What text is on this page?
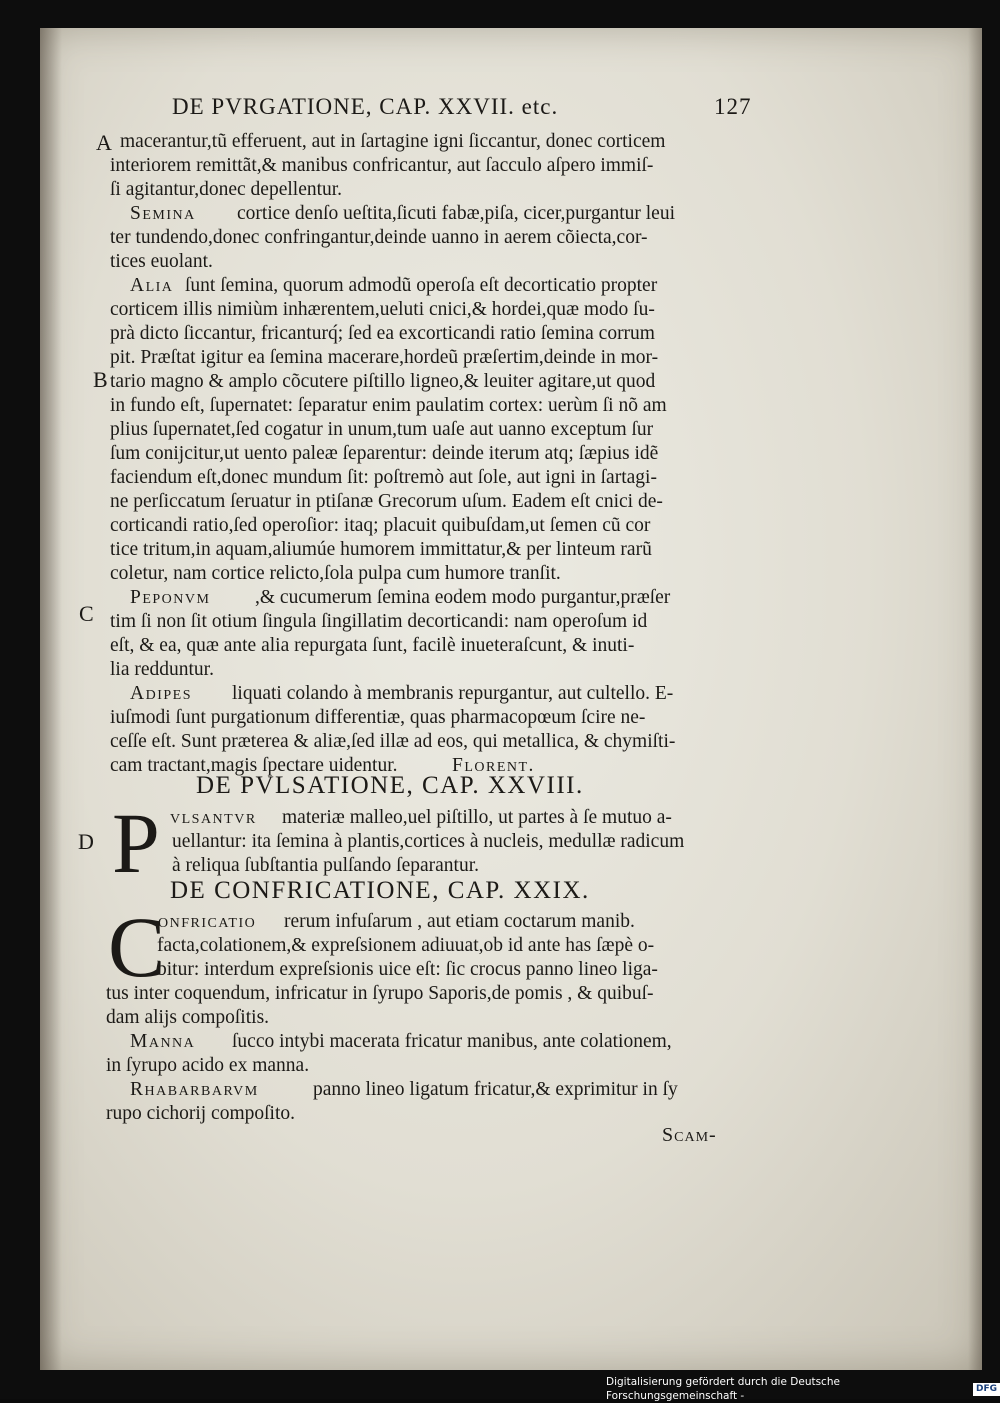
DE PVRGATIONE, CAP. XXVII. etc.	127
A
B
C
D
macerantur,tũ efferuent, aut in ſartagine igni ſiccantur, donec corticem
interiorem remittãt,& manibus confricantur, aut ſacculo aſpero immiſ-
ſi agitantur,donec depellentur.
Semina cortice denſo ueſtita,ſicuti fabæ,piſa, cicer,purgantur leui
ter tundendo,donec confringantur,deinde uanno in aerem cõiecta,cor-
tices euolant.
Alia ſunt ſemina, quorum admodũ operoſa eſt decorticatio propter
corticem illis nimiùm inhærentem,ueluti cnici,& hordei,quæ modo ſu-
prà dicto ſiccantur, fricanturq́; ſed ea excorticandi ratio ſemina corrum
pit. Præſtat igitur ea ſemina macerare,hordeũ præſertim,deinde in mor-
tario magno & amplo cõcutere piſtillo ligneo,& leuiter agitare,ut quod
in fundo eſt, ſupernatet: ſeparatur enim paulatim cortex: uerùm ſi nõ am
plius ſupernatet,ſed cogatur in unum,tum uaſe aut uanno exceptum ſur
ſum conijcitur,ut uento paleæ ſeparentur: deinde iterum atq; ſæpius idẽ
faciendum eſt,donec mundum ſit: poſtremò aut ſole, aut igni in ſartagi-
ne perſiccatum ſeruatur in ptiſanæ Grecorum uſum. Eadem eſt cnici de-
corticandi ratio,ſed operoſior: itaq; placuit quibuſdam,ut ſemen cũ cor
tice tritum,in aquam,aliumúe humorem immittatur,& per linteum rarũ
coletur, nam cortice relicto,ſola pulpa cum humore tranſit.
Peponvm ,& cucumerum ſemina eodem modo purgantur,præſer
tim ſi non ſit otium ſingula ſingillatim decorticandi: nam operoſum id
eſt, & ea, quæ ante alia repurgata ſunt, facilè inueteraſcunt, & inuti-
lia redduntur.
Adipes liquati colando à membranis repurgantur, aut cultello. E-
iuſmodi ſunt purgationum differentiæ, quas pharmacopœum ſcire ne-
ceſſe eſt. Sunt præterea & aliæ,ſed illæ ad eos, qui metallica, & chymiſti-
cam tractant,magis ſpectare uidentur.	Florent.
DE PVLSATIONE, CAP. XXVIII.
P vlsantvr materiæ malleo,uel piſtillo, ut partes à ſe mutuo a-
uellantur: ita ſemina à plantis,cortices à nucleis, medullæ radicum
à reliqua ſubſtantia pulſando ſeparantur.
DE CONFRICATIONE, CAP. XXIX.
C
onfricatio rerum infuſarum , aut etiam coctarum manib.
facta,colationem,& expreſsionem adiuuat,ob id ante has ſæpè o-
bitur: interdum expreſsionis uice eſt: ſic crocus panno lineo liga-
tus inter coquendum, infricatur in ſyrupo Saporis,de pomis , & quibuſ-
dam alijs compoſitis.
Manna ſucco intybi macerata fricatur manibus, ante colationem,
in ſyrupo acido ex manna.
Rhabarbarvm	panno lineo ligatum fricatur,& exprimitur in ſy
rupo cichorij compoſito.
Scam-
Digitalisierung gefördert durch die Deutsche Forschungsgemeinschaft -
DFG
